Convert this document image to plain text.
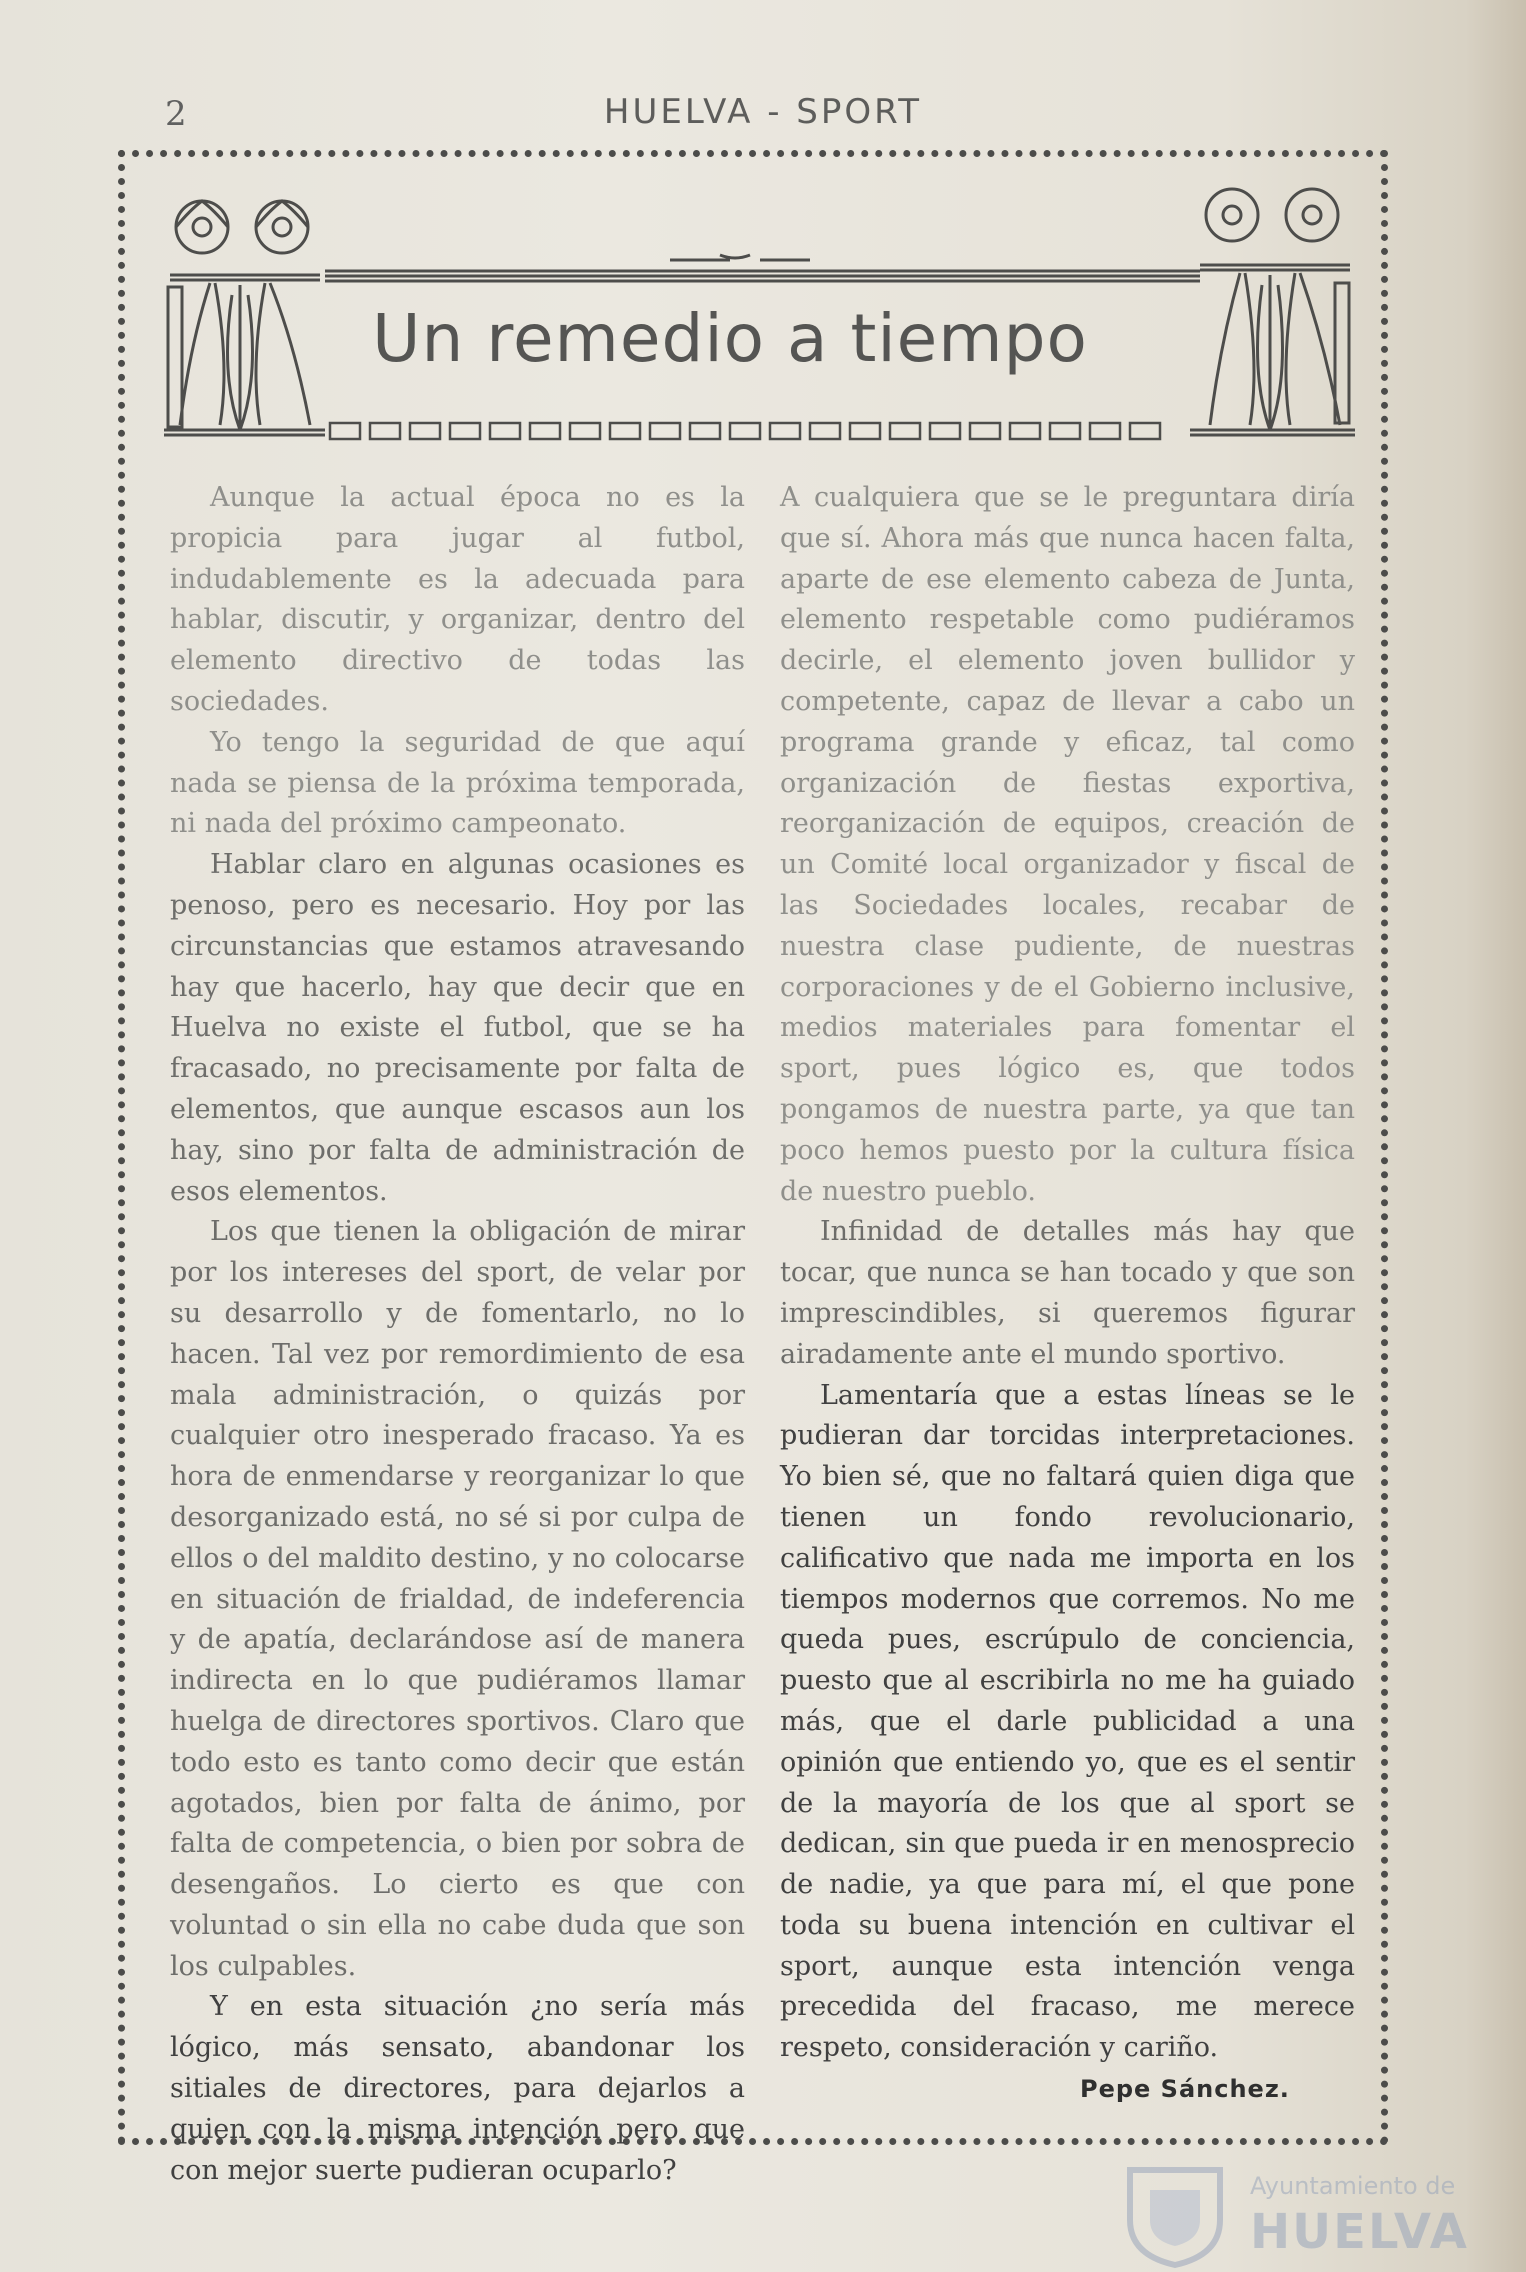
2	HUELVA - SPORT
Un remedio a tiempo

Aunque la actual época no es la propicia para jugar al futbol, indudablemente es la adecuada para hablar, discutir, y organizar, dentro del elemento directivo de todas las sociedades.

Yo tengo la seguridad de que aquí nada se piensa de la próxima temporada, ni nada del próximo campeonato.

Hablar claro en algunas ocasiones es penoso, pero es necesario. Hoy por las circunstancias que estamos atravesando hay que hacerlo, hay que decir que en Huelva no existe el futbol, que se ha fracasado, no precisamente por falta de elementos, que aunque escasos aun los hay, sino por falta de administración de esos elementos.

Los que tienen la obligación de mirar por los intereses del sport, de velar por su desarrollo y de fomentarlo, no lo hacen. Tal vez por remordimiento de esa mala administración, o quizás por cualquier otro inesperado fracaso. Ya es hora de enmendarse y reorganizar lo que desorganizado está, no sé si por culpa de ellos o del maldito destino, y no colocarse en situación de frialdad, de indeferencia y de apatía, declarándose así de manera indirecta en lo que pudiéramos llamar huelga de directores sportivos. Claro que todo esto es tanto como decir que están agotados, bien por falta de ánimo, por falta de competencia, o bien por sobra de desengaños. Lo cierto es que con voluntad o sin ella no cabe duda que son los culpables.

Y en esta situación ¿no sería más lógico, más sensato, abandonar los sitiales de directores, para dejarlos a quien con la misma intención pero que con mejor suerte pudieran ocuparlo?

A cualquiera que se le preguntara diría que sí. Ahora más que nunca hacen falta, aparte de ese elemento cabeza de Junta, elemento respetable como pudiéramos decirle, el elemento joven bullidor y competente, capaz de llevar a cabo un programa grande y eficaz, tal como organización de fiestas exportiva, reorganización de equipos, creación de un Comité local organizador y fiscal de las Sociedades locales, recabar de nuestra clase pudiente, de nuestras corporaciones y de el Gobierno inclusive, medios materiales para fomentar el sport, pues lógico es, que todos pongamos de nuestra parte, ya que tan poco hemos puesto por la cultura física de nuestro pueblo.

Infinidad de detalles más hay que tocar, que nunca se han tocado y que son imprescindibles, si queremos figurar airadamente ante el mundo sportivo.

Lamentaría que a estas líneas se le pudieran dar torcidas interpretaciones. Yo bien sé, que no faltará quien diga que tienen un fondo revolucionario, calificativo que nada me importa en los tiempos modernos que corremos. No me queda pues, escrúpulo de conciencia, puesto que al escribirla no me ha guiado más, que el darle publicidad a una opinión que entiendo yo, que es el sentir de la mayoría de los que al sport se dedican, sin que pueda ir en menosprecio de nadie, ya que para mí, el que pone toda su buena intención en cultivar el sport, aunque esta intención venga precedida del fracaso, me merece respeto, consideración y cariño.

Pepe Sánchez.
Ayuntamiento de
HUELVA
